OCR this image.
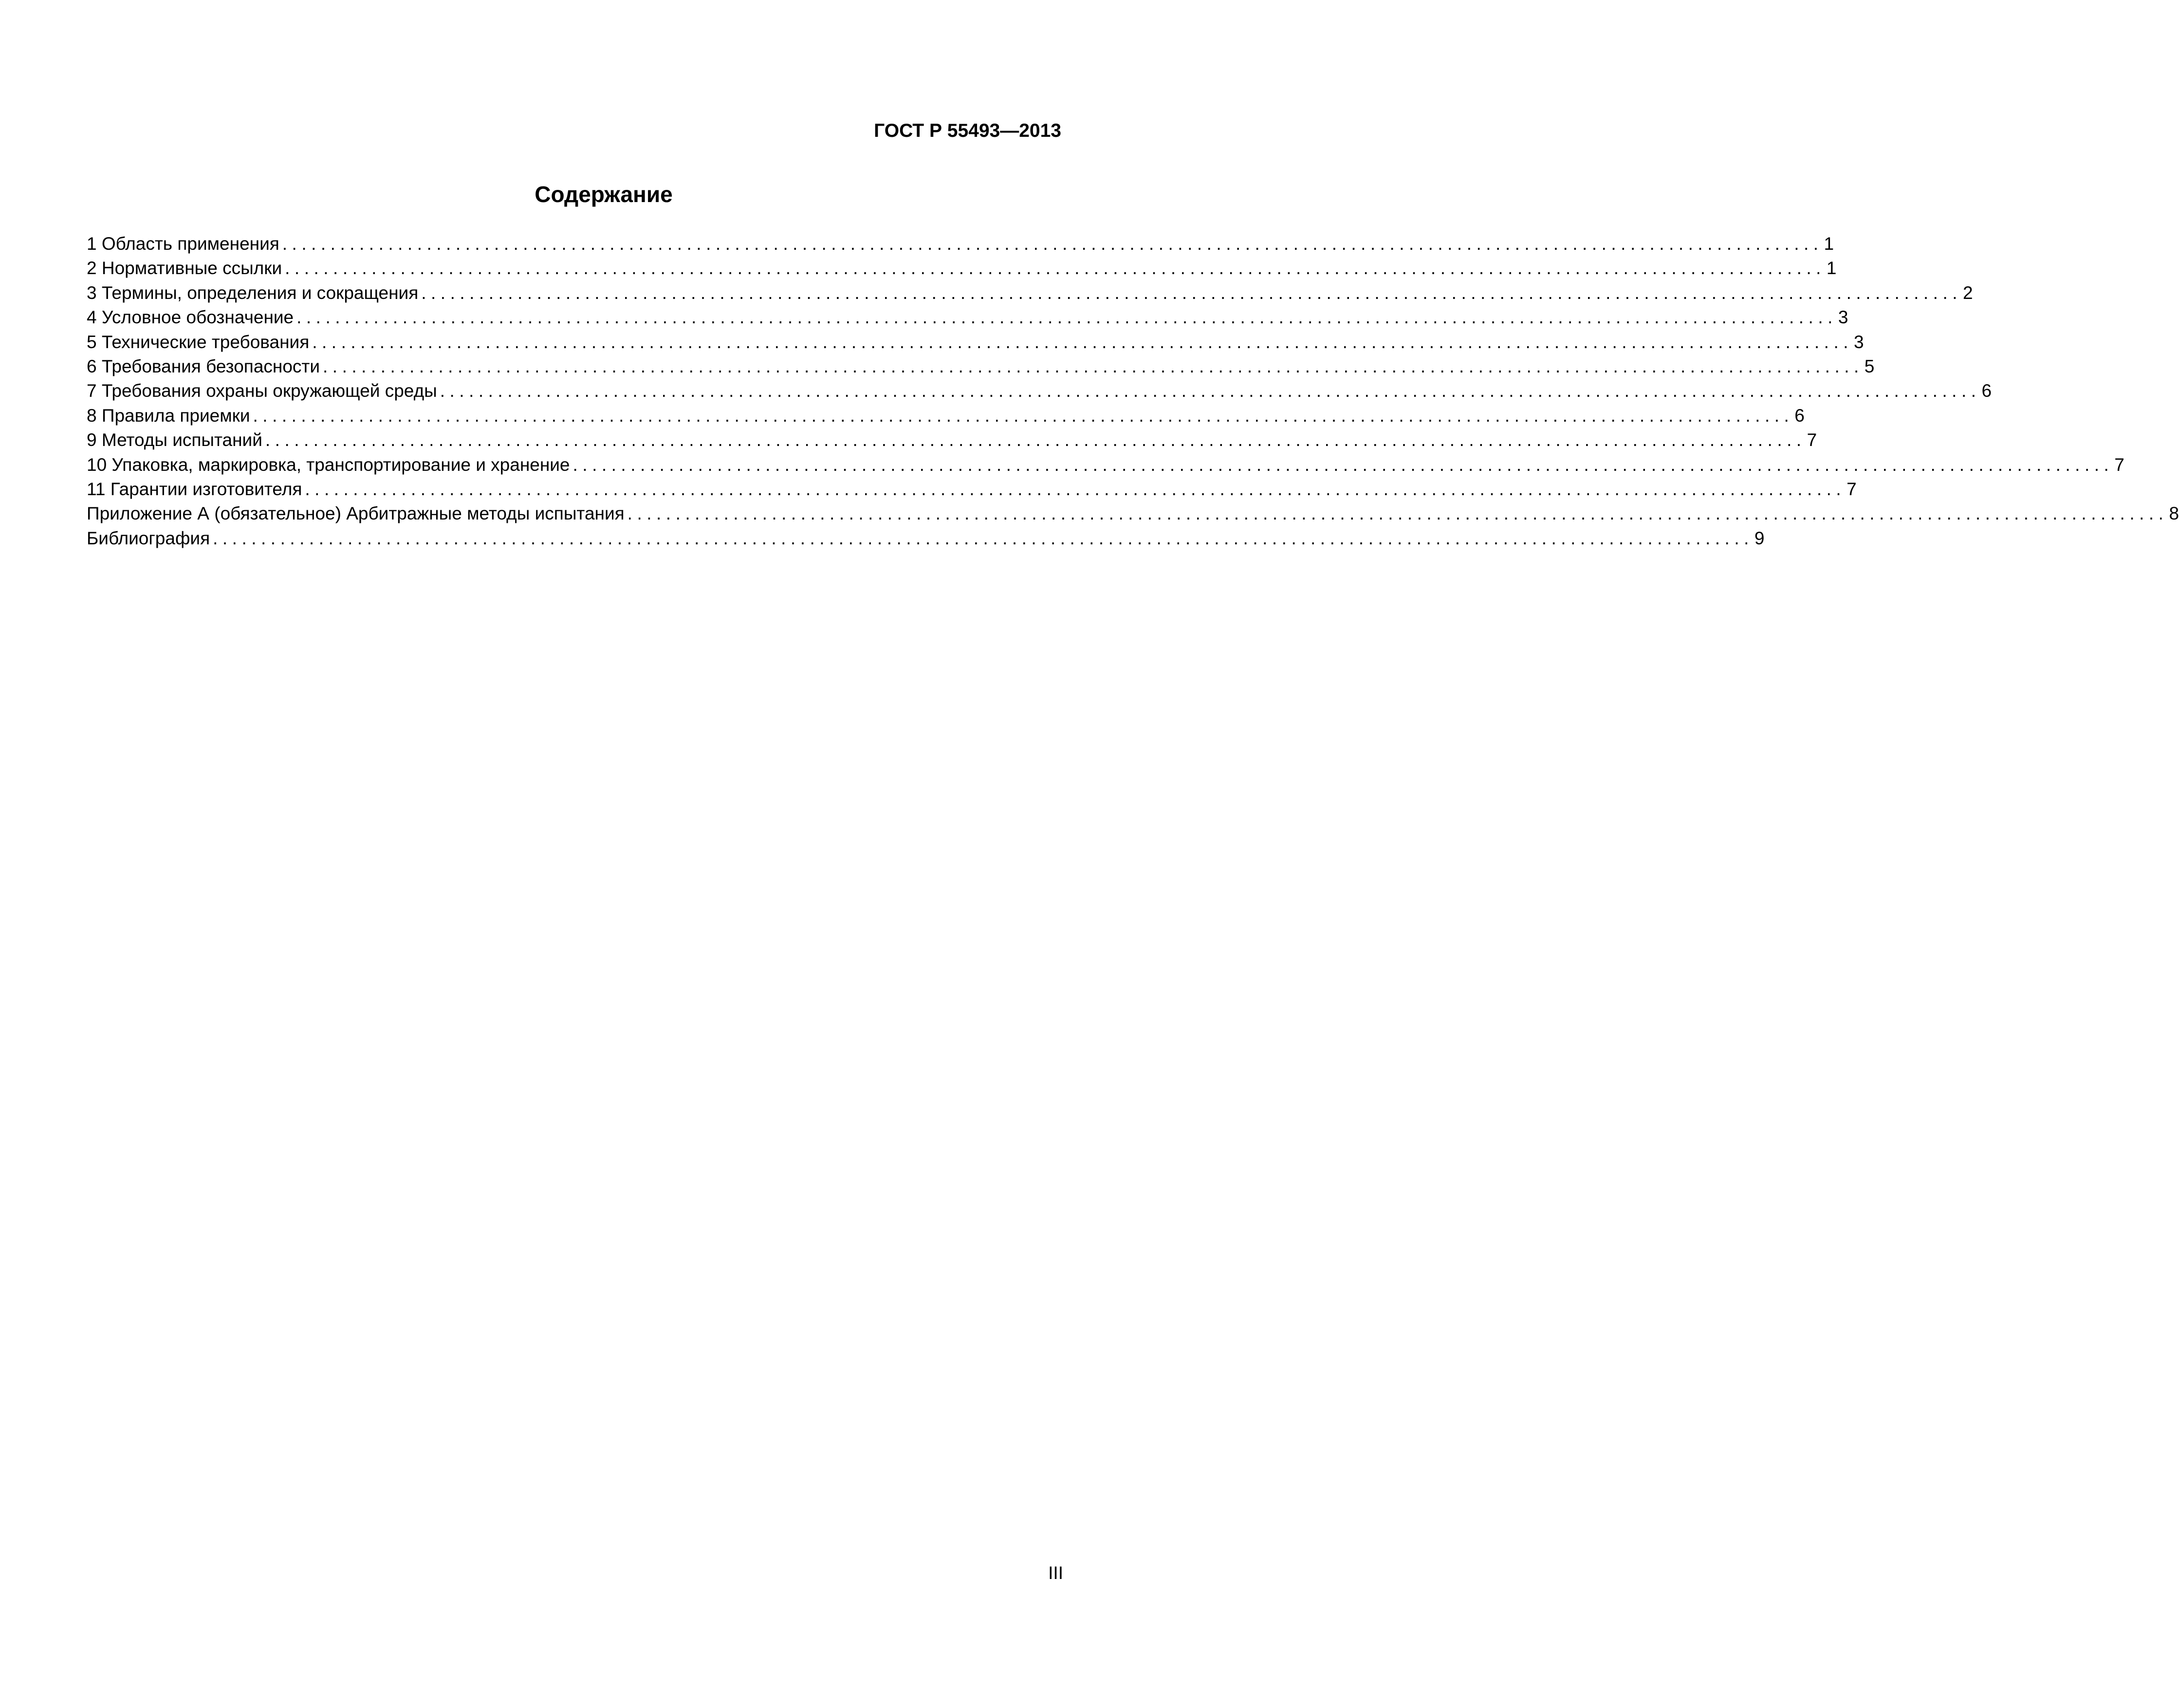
ГОСТ Р 55493—2013
Содержание
1 Область применения ................................................................................................................................................................ 1
2 Нормативные ссылки ................................................................................................................................................................ 1
3 Термины, определения и сокращения ................................................................................................................................................................ 2
4 Условное обозначение ................................................................................................................................................................ 3
5 Технические требования ................................................................................................................................................................ 3
6 Требования безопасности ................................................................................................................................................................ 5
7 Требования охраны окружающей среды ................................................................................................................................................................ 6
8 Правила приемки ................................................................................................................................................................ 6
9 Методы испытаний ................................................................................................................................................................ 7
10 Упаковка, маркировка, транспортирование и хранение ................................................................................................................................................................ 7
11 Гарантии изготовителя ................................................................................................................................................................ 7
Приложение А (обязательное) Арбитражные методы испытания ................................................................................................................................................................ 8
Библиография ................................................................................................................................................................ 9
III
